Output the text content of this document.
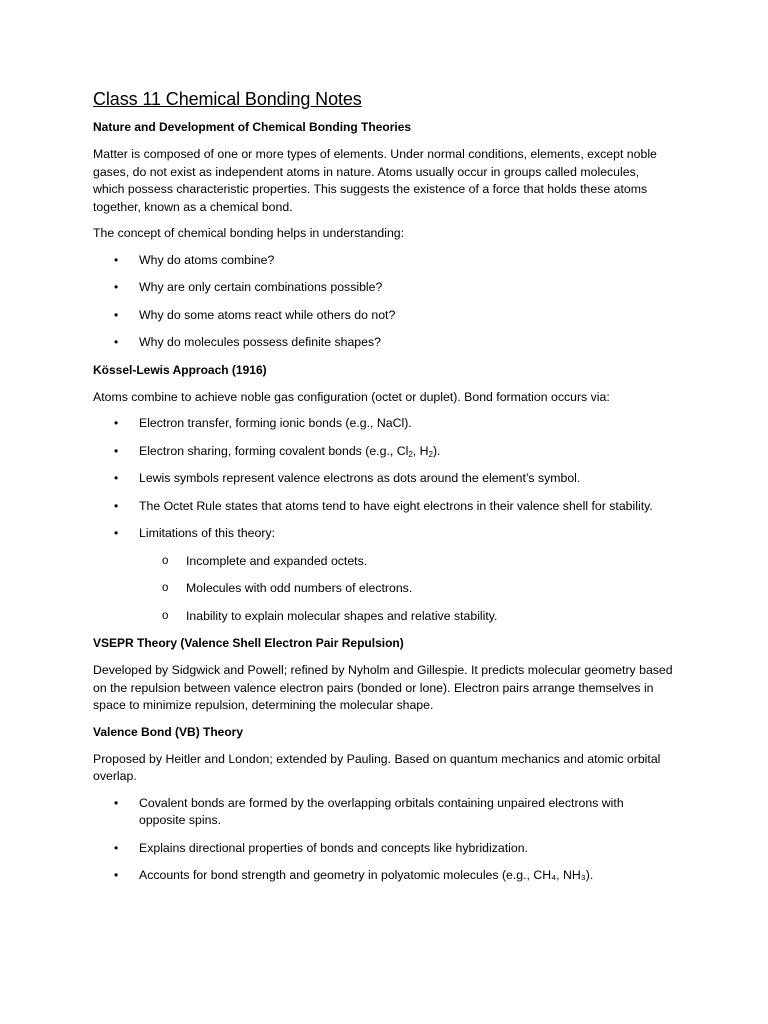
Class 11 Chemical Bonding Notes
Nature and Development of Chemical Bonding Theories
Matter is composed of one or more types of elements. Under normal conditions, elements, except noble gases, do not exist as independent atoms in nature. Atoms usually occur in groups called molecules, which possess characteristic properties. This suggests the existence of a force that holds these atoms together, known as a chemical bond.
The concept of chemical bonding helps in understanding:
• Why do atoms combine?
• Why are only certain combinations possible?
• Why do some atoms react while others do not?
• Why do molecules possess definite shapes?
Kössel-Lewis Approach (1916)
Atoms combine to achieve noble gas configuration (octet or duplet). Bond formation occurs via:
• Electron transfer, forming ionic bonds (e.g., NaCl).
• Electron sharing, forming covalent bonds (e.g., $Cl_2$, $H_2$).
• Lewis symbols represent valence electrons as dots around the element’s symbol.
• The Octet Rule states that atoms tend to have eight electrons in their valence shell for stability.
• Limitations of this theory:
o Incomplete and expanded octets.
o Molecules with odd numbers of electrons.
o Inability to explain molecular shapes and relative stability.
VSEPR Theory (Valence Shell Electron Pair Repulsion)
Developed by Sidgwick and Powell; refined by Nyholm and Gillespie. It predicts molecular geometry based on the repulsion between valence electron pairs (bonded or lone). Electron pairs arrange themselves in space to minimize repulsion, determining the molecular shape.
Valence Bond (VB) Theory
Proposed by Heitler and London; extended by Pauling. Based on quantum mechanics and atomic orbital overlap.
• Covalent bonds are formed by the overlapping orbitals containing unpaired electrons with opposite spins.
• Explains directional properties of bonds and concepts like hybridization.
• Accounts for bond strength and geometry in polyatomic molecules (e.g., CH₄, NH₃).
